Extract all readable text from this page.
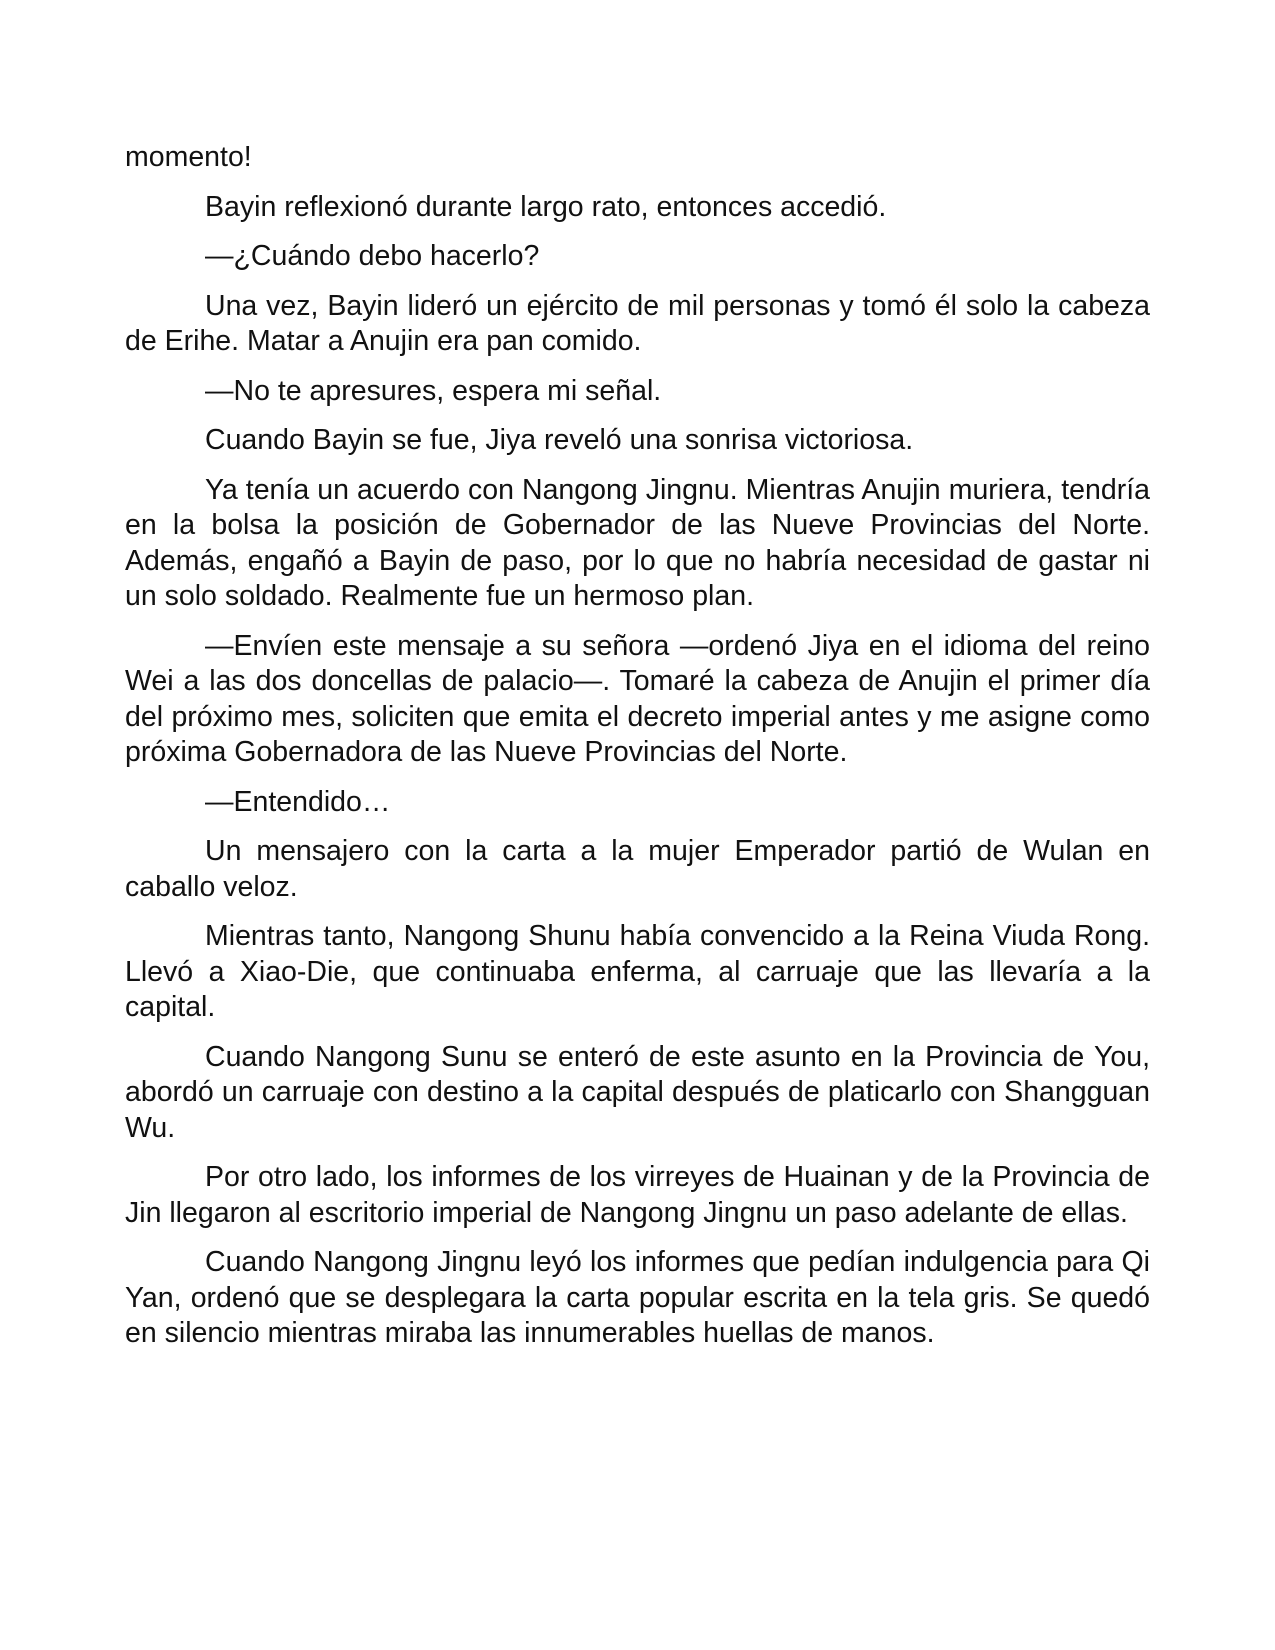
momento!

Bayin reflexionó durante largo rato, entonces accedió.

—¿Cuándo debo hacerlo?

Una vez, Bayin lideró un ejército de mil personas y tomó él solo la cabeza de Erihe. Matar a Anujin era pan comido.

—No te apresures, espera mi señal.

Cuando Bayin se fue, Jiya reveló una sonrisa victoriosa.

Ya tenía un acuerdo con Nangong Jingnu. Mientras Anujin muriera, tendría en la bolsa la posición de Gobernador de las Nueve Provincias del Norte. Además, engañó a Bayin de paso, por lo que no habría necesidad de gastar ni un solo soldado. Realmente fue un hermoso plan.

—Envíen este mensaje a su señora —ordenó Jiya en el idioma del reino Wei a las dos doncellas de palacio—. Tomaré la cabeza de Anujin el primer día del próximo mes, soliciten que emita el decreto imperial antes y me asigne como próxima Gobernadora de las Nueve Provincias del Norte.

—Entendido…

Un mensajero con la carta a la mujer Emperador partió de Wulan en caballo veloz.

Mientras tanto, Nangong Shunu había convencido a la Reina Viuda Rong. Llevó a Xiao-Die, que continuaba enferma, al carruaje que las llevaría a la capital.

Cuando Nangong Sunu se enteró de este asunto en la Provincia de You, abordó un carruaje con destino a la capital después de platicarlo con Shangguan Wu.

Por otro lado, los informes de los virreyes de Huainan y de la Provincia de Jin llegaron al escritorio imperial de Nangong Jingnu un paso adelante de ellas.

Cuando Nangong Jingnu leyó los informes que pedían indulgencia para Qi Yan, ordenó que se desplegara la carta popular escrita en la tela gris. Se quedó en silencio mientras miraba las innumerables huellas de manos.
